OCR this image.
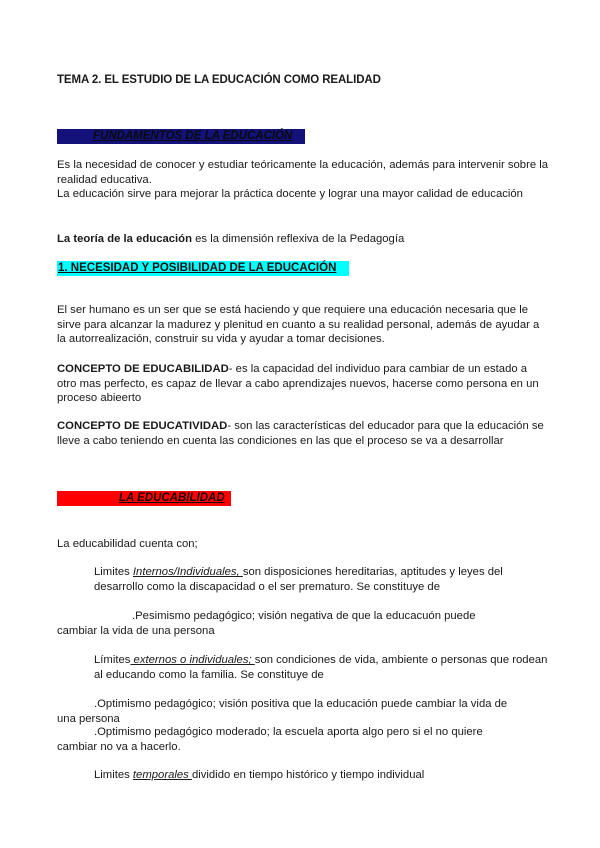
TEMA 2. EL ESTUDIO DE LA EDUCACIÓN COMO REALIDAD
FUNDAMENTOS DE LA EDUCACIÓN

Es la necesidad de conocer y estudiar teóricamente la educación, además para intervenir sobre la realidad educativa.

La educación sirve para mejorar la práctica docente y lograr una mayor calidad de educación

La teoría de la educación es la dimensión reflexiva de la Pedagogía
1. NECESIDAD Y POSIBILIDAD DE LA EDUCACIÓN

El ser humano es un ser que se está haciendo y que requiere una educación necesaria que le sirve para alcanzar la madurez y plenitud en cuanto a su realidad personal, además de ayudar a la autorrealización, construir su vida y ayudar a tomar decisiones.

CONCEPTO DE EDUCABILIDAD- es la capacidad del individuo para cambiar de un estado a otro mas perfecto, es capaz de llevar a cabo aprendizajes nuevos, hacerse como persona en un proceso abieerto
CONCEPTO DE EDUCATIVIDAD- son las características del educador para que la educación se lleve a cabo teniendo en cuenta las condiciones en las que el proceso se va a desarrollar
LA EDUCABILIDAD
La educabilidad cuenta con;
Limites Internos/Individuales, son disposiciones hereditarias, aptitudes y leyes del desarrollo como la discapacidad o el ser prematuro. Se constituye de
.Pesimismo pedagógico; visión negativa de que la educacuón puede
cambiar la vida de una persona
Límites externos o individuales; son condiciones de vida, ambiente o personas que rodean al educando como la familia. Se constituye de
.Optimismo pedagógico; visión positiva que la educación puede cambiar la vida de
una persona
.Optimismo pedagógico moderado; la escuela aporta algo pero si el no quiere
cambiar no va a hacerlo.
Limites temporales dividido en tiempo histórico y tiempo individual
